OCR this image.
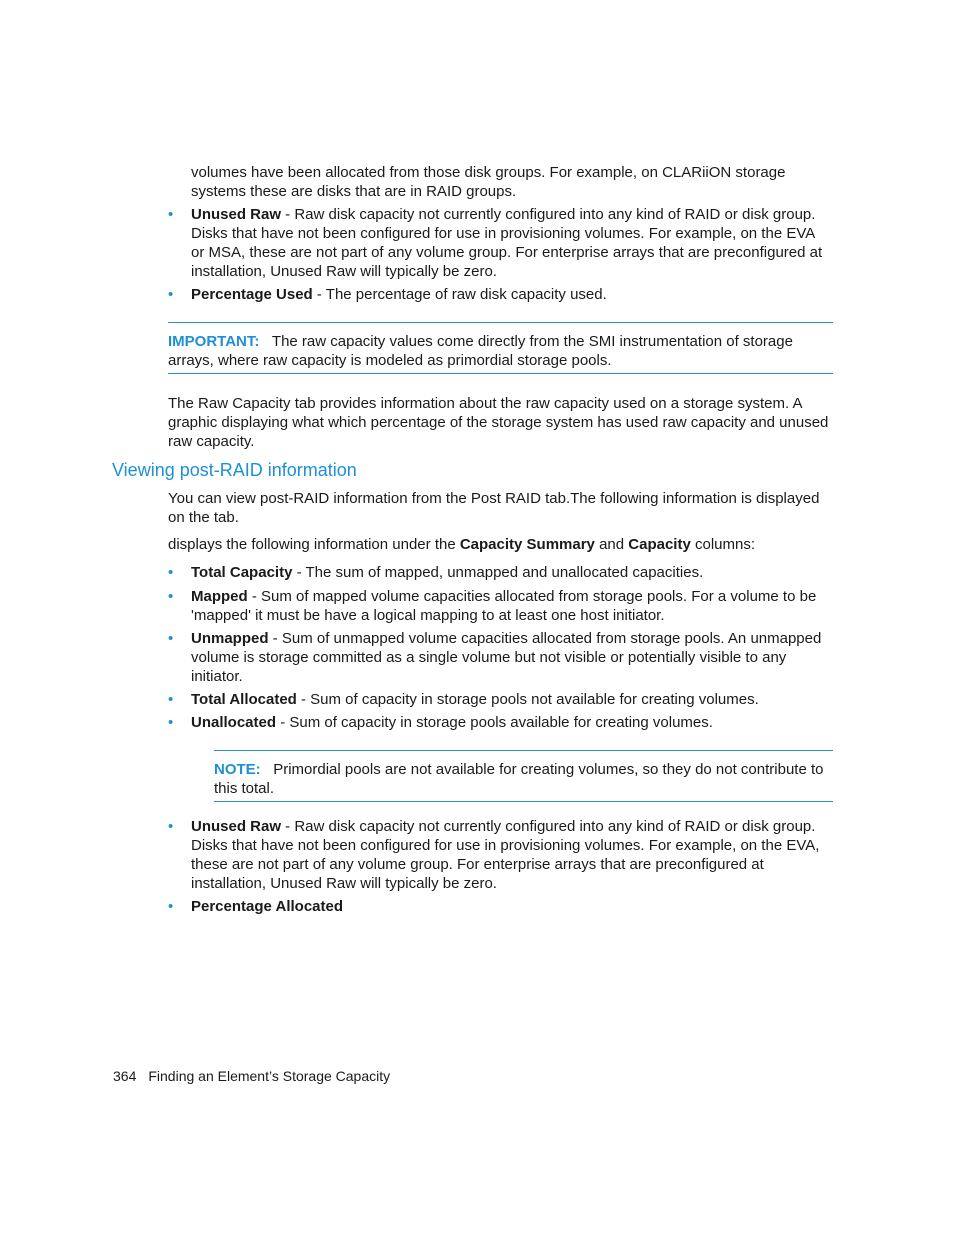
volumes have been allocated from those disk groups. For example, on CLARiiON storage systems these are disks that are in RAID groups.
• Unused Raw - Raw disk capacity not currently configured into any kind of RAID or disk group. Disks that have not been configured for use in provisioning volumes. For example, on the EVA or MSA, these are not part of any volume group. For enterprise arrays that are preconfigured at installation, Unused Raw will typically be zero.
• Percentage Used - The percentage of raw disk capacity used.
IMPORTANT: The raw capacity values come directly from the SMI instrumentation of storage arrays, where raw capacity is modeled as primordial storage pools.
The Raw Capacity tab provides information about the raw capacity used on a storage system. A graphic displaying what which percentage of the storage system has used raw capacity and unused raw capacity.
Viewing post-RAID information
You can view post-RAID information from the Post RAID tab.The following information is displayed on the tab.
displays the following information under the Capacity Summary and Capacity columns:
• Total Capacity - The sum of mapped, unmapped and unallocated capacities.
• Mapped - Sum of mapped volume capacities allocated from storage pools. For a volume to be 'mapped' it must be have a logical mapping to at least one host initiator.
• Unmapped - Sum of unmapped volume capacities allocated from storage pools. An unmapped volume is storage committed as a single volume but not visible or potentially visible to any initiator.
• Total Allocated - Sum of capacity in storage pools not available for creating volumes.
• Unallocated - Sum of capacity in storage pools available for creating volumes.
NOTE: Primordial pools are not available for creating volumes, so they do not contribute to this total.
• Unused Raw - Raw disk capacity not currently configured into any kind of RAID or disk group. Disks that have not been configured for use in provisioning volumes. For example, on the EVA, these are not part of any volume group. For enterprise arrays that are preconfigured at installation, Unused Raw will typically be zero.
• Percentage Allocated
364 Finding an Element’s Storage Capacity
